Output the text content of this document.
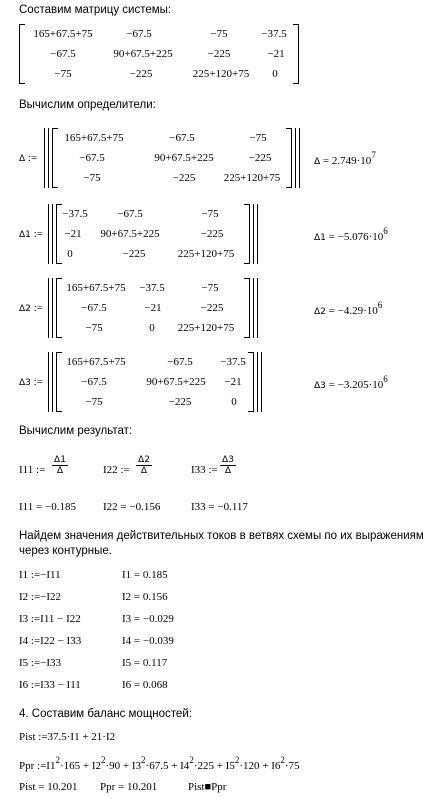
Составим матрицу системы:
165+67.5+75	−67.5	−75	−37.5
−67.5	90+67.5+225	−225	−21
−75	−225	225+120+75	0
Вычислим определители:
Δ :=
165+67.5+75	−67.5	−75
−67.5	90+67.5+225	−225
−75	−225	225+120+75
$\Delta = 2.749\cdot 10^7$
Δ1 :=
−37.5	−67.5	−75
−21	90+67.5+225	−225
0	−225	225+120+75
$\Delta 1 = -5.076\cdot 10^6$
Δ2 :=
165+67.5+75	−37.5	−75
−67.5	−21	−225
−75	0	225+120+75
$\Delta 2 = -4.29\cdot 10^6$
Δ3 :=
165+67.5+75	−67.5	−37.5
−67.5	90+67.5+225	−21
−75	−225	0
$\Delta 3 = -3.205\cdot 10^6$
Вычислим результат:
I11 := $\frac{\Delta 1}{\Delta}$	I22 := $\frac{\Delta 2}{\Delta}$	I33 := $\frac{\Delta 3}{\Delta}$
I11 = −0.185 I22 = −0.156	I33 = −0.117
Найдем значения действительных токов в ветвях схемы по их выражениям
через контурные.
I1 :=−I11	I1 = 0.185
I2 :=−I22	I2 = 0.156
I3 :=I11 − I22	I3 = −0.029
I4 :=I22 − I33	I4 = −0.039
I5 :=−I33	I5 = 0.117
I6 :=I33 − I11	I6 = 0.068
4. Составим баланс мощностей:
Pist :=37.5·I1 + 21·I2
Ppr $:=I1^2\cdot 165 + I2^2\cdot 90 + I3^2\cdot 67.5 + I4^2\cdot 225 + I5^2\cdot 120 + I6^2\cdot 75$
Pist = 10.201 Ppr = 10.201	Pist■Ppr
